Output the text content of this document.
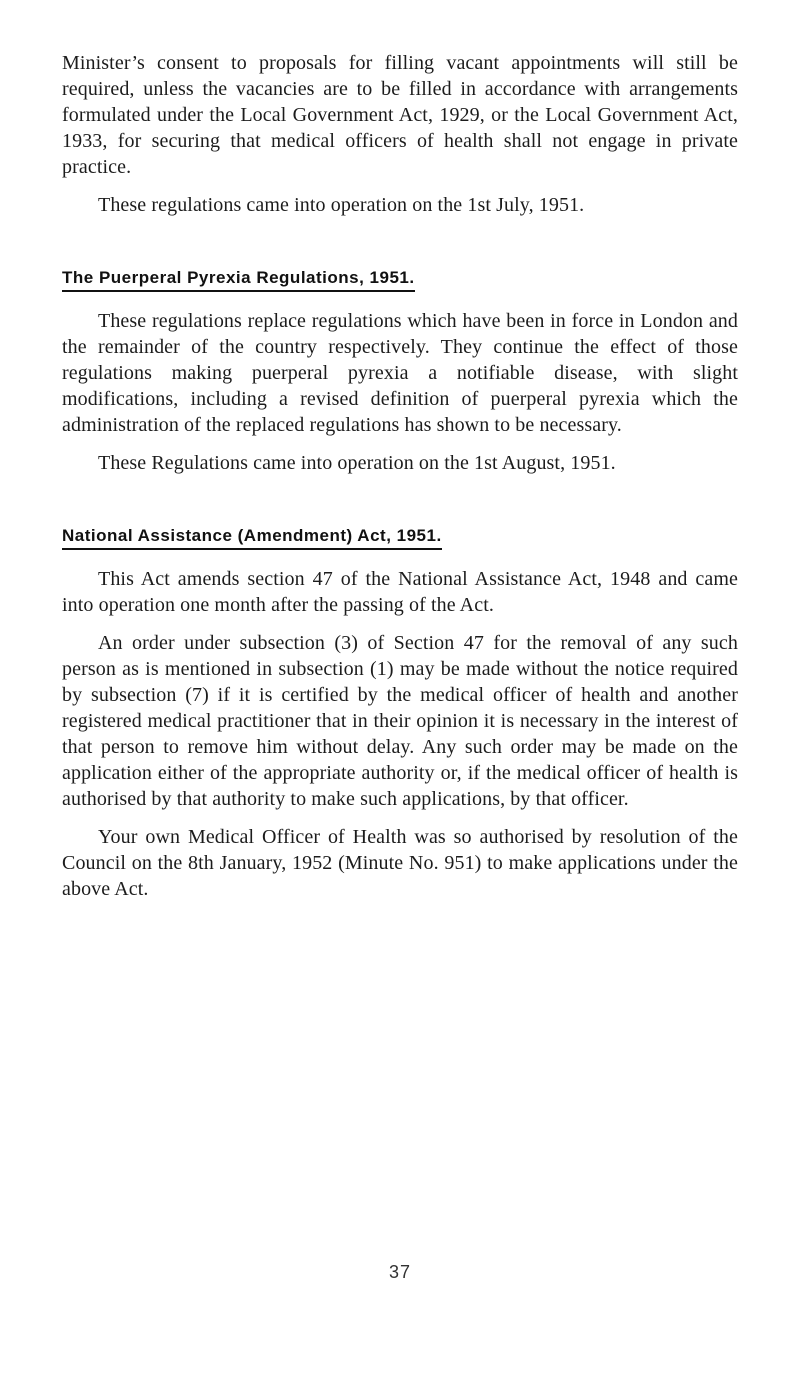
Minister’s consent to proposals for filling vacant appointments will still be required, unless the vacancies are to be filled in accordance with arrangements formulated under the Local Government Act, 1929, or the Local Government Act, 1933, for securing that medical officers of health shall not engage in private practice.

These regulations came into operation on the 1st July, 1951.

The Puerperal Pyrexia Regulations, 1951.

These regulations replace regulations which have been in force in London and the remainder of the country respectively. They continue the effect of those regulations making puerperal pyrexia a notifiable disease, with slight modifications, including a revised definition of puerperal pyrexia which the administration of the replaced regulations has shown to be necessary.

These Regulations came into operation on the 1st August, 1951.

National Assistance (Amendment) Act, 1951.

This Act amends section 47 of the National Assistance Act, 1948 and came into operation one month after the passing of the Act.

An order under subsection (3) of Section 47 for the removal of any such person as is mentioned in subsection (1) may be made without the notice required by subsection (7) if it is certified by the medical officer of health and another registered medical practitioner that in their opinion it is necessary in the interest of that person to remove him without delay. Any such order may be made on the application either of the appropriate authority or, if the medical officer of health is authorised by that authority to make such applications, by that officer.

Your own Medical Officer of Health was so authorised by resolution of the Council on the 8th January, 1952 (Minute No. 951) to make applications under the above Act.

37
